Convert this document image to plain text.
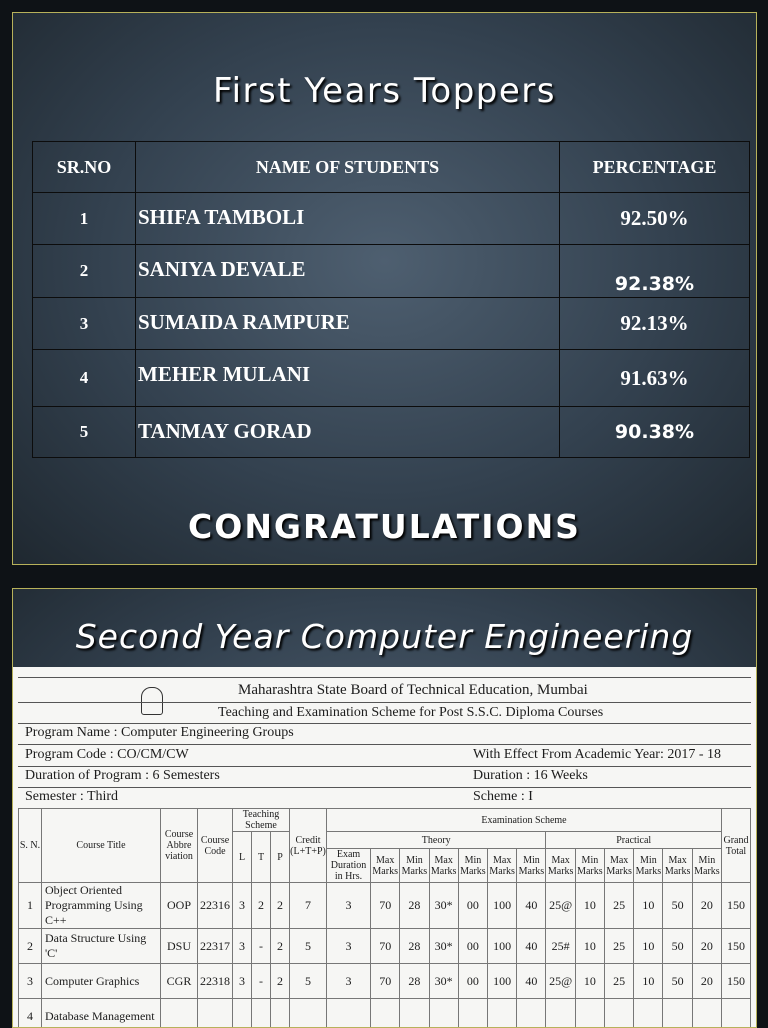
First Years Toppers
SR.NO	NAME OF STUDENTS	PERCENTAGE
1	SHIFA TAMBOLI	92.50%
2	SANIYA DEVALE	92.38%
3	SUMAIDA RAMPURE	92.13%
4	MEHER MULANI	91.63%
5	TANMAY GORAD	90.38%
CONGRATULATIONS
Second Year Computer Engineering
Maharashtra State Board of Technical Education, Mumbai
Teaching and Examination Scheme for Post S.S.C. Diploma Courses
Program Name : Computer Engineering Groups
Program Code : CO/CM/CW	With Effect From Academic Year: 2017 - 18
Duration of Program : 6 Semesters	Duration : 16 Weeks
Semester : Third	Scheme : I
S. N.	Course Title	Course Abbre viation	Course Code	Teaching Scheme			Credit (L+T+P)	Examination Scheme													Grand Total
				L	T	P		Theory							Practical						
								Exam Duration in Hrs.	Max Marks	Min Marks	Max Marks	Min Marks	Max Marks	Min Marks	Max Marks	Min Marks	Max Marks	Min Marks	Max Marks	Min Marks	
1	Object Oriented Programming Using C++	OOP	22316	3	2	2	7	3	70	28	30*	00	100	40	25@	10	25	10	50	20	150
2	Data Structure Using 'C'	DSU	22317	3	-	2	5	3	70	28	30*	00	100	40	25#	10	25	10	50	20	150
3	Computer Graphics	CGR	22318	3	-	2	5	3	70	28	30*	00	100	40	25@	10	25	10	50	20	150
4	Database Management																				
